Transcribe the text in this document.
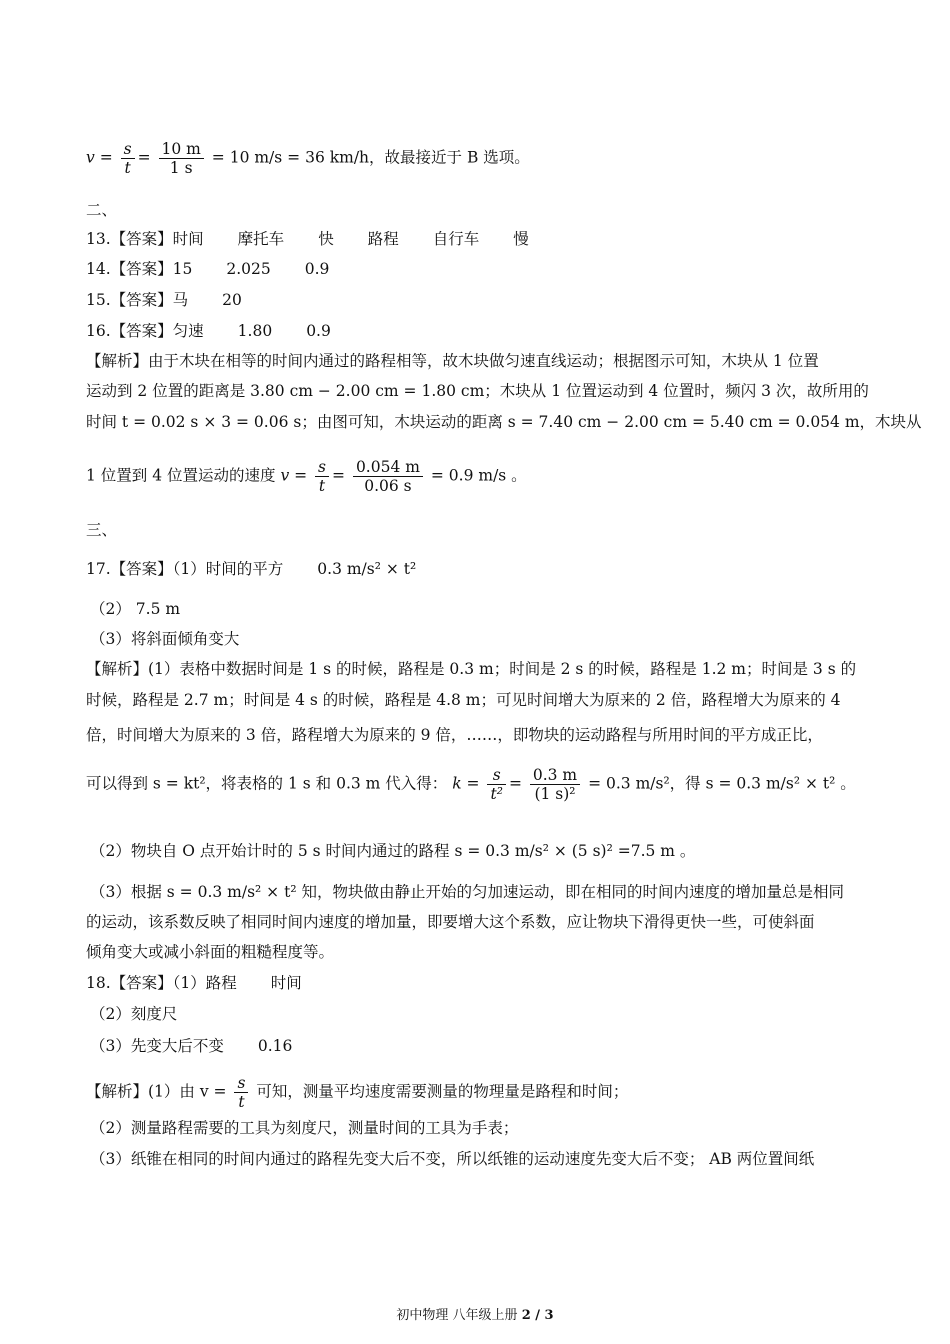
$v = \frac{s}{t} = \frac{10 m}{1 s} = 10$ m/s = 36 km/h，故最接近于 B 选项。
二、
13.【答案】时间 摩托车 快 路程 自行车 慢
14.【答案】15 2.025 0.9
15.【答案】马 20
16.【答案】匀速 1.80 0.9
【解析】由于木块在相等的时间内通过的路程相等，故木块做匀速直线运动；根据图示可知，木块从 1 位置
运动到 2 位置的距离是 3.80 cm − 2.00 cm = 1.80 cm；木块从 1 位置运动到 4 位置时，频闪 3 次，故所用的
时间 t = 0.02 s × 3 = 0.06 s；由图可知，木块运动的距离 s = 7.40 cm − 2.00 cm = 5.40 cm = 0.054 m，木块从
1 位置到 4 位置运动的速度 $v = \frac{s}{t} = \frac{0.054 m}{0.06 s} = 0.9$ m/s 。
三、
17.【答案】（1）时间的平方 0.3 m/s² × t²
（2） 7.5 m
（3）将斜面倾角变大
【解析】(1）表格中数据时间是 1 s 的时候，路程是 0.3 m；时间是 2 s 的时候，路程是 1.2 m；时间是 3 s 的
时候，路程是 2.7 m；时间是 4 s 的时候，路程是 4.8 m；可见时间增大为原来的 2 倍，路程增大为原来的 4
倍，时间增大为原来的 3 倍，路程增大为原来的 9 倍，……，即物块的运动路程与所用时间的平方成正比，
可以得到 s = kt²，将表格的 1 s 和 0.3 m 代入得： $k = \frac{s}{\text{t²}} = \frac{0.3 m}{\text{(1 s)²}} = 0.3$ m/s²，得 s = 0.3 m/s² × t² 。
（2）物块自 O 点开始计时的 5 s 时间内通过的路程 s = 0.3 m/s² × (5 s)² =7.5 m 。
（3）根据 s = 0.3 m/s² × t² 知，物块做由静止开始的匀加速运动，即在相同的时间内速度的增加量总是相同
的运动，该系数反映了相同时间内速度的增加量，即要增大这个系数，应让物块下滑得更快一些，可使斜面
倾角变大或减小斜面的粗糙程度等。
18.【答案】（1）路程 时间
（2）刻度尺
（3）先变大后不变 0.16
【解析】(1）由 $v = \frac{s}{t}$ 可知，测量平均速度需要测量的物理量是路程和时间；
（2）测量路程需要的工具为刻度尺，测量时间的工具为手表；
（3）纸锥在相同的时间内通过的路程先变大后不变，所以纸锥的运动速度先变大后不变； AB 两位置间纸
初中物理 八年级上册 2 / 3
